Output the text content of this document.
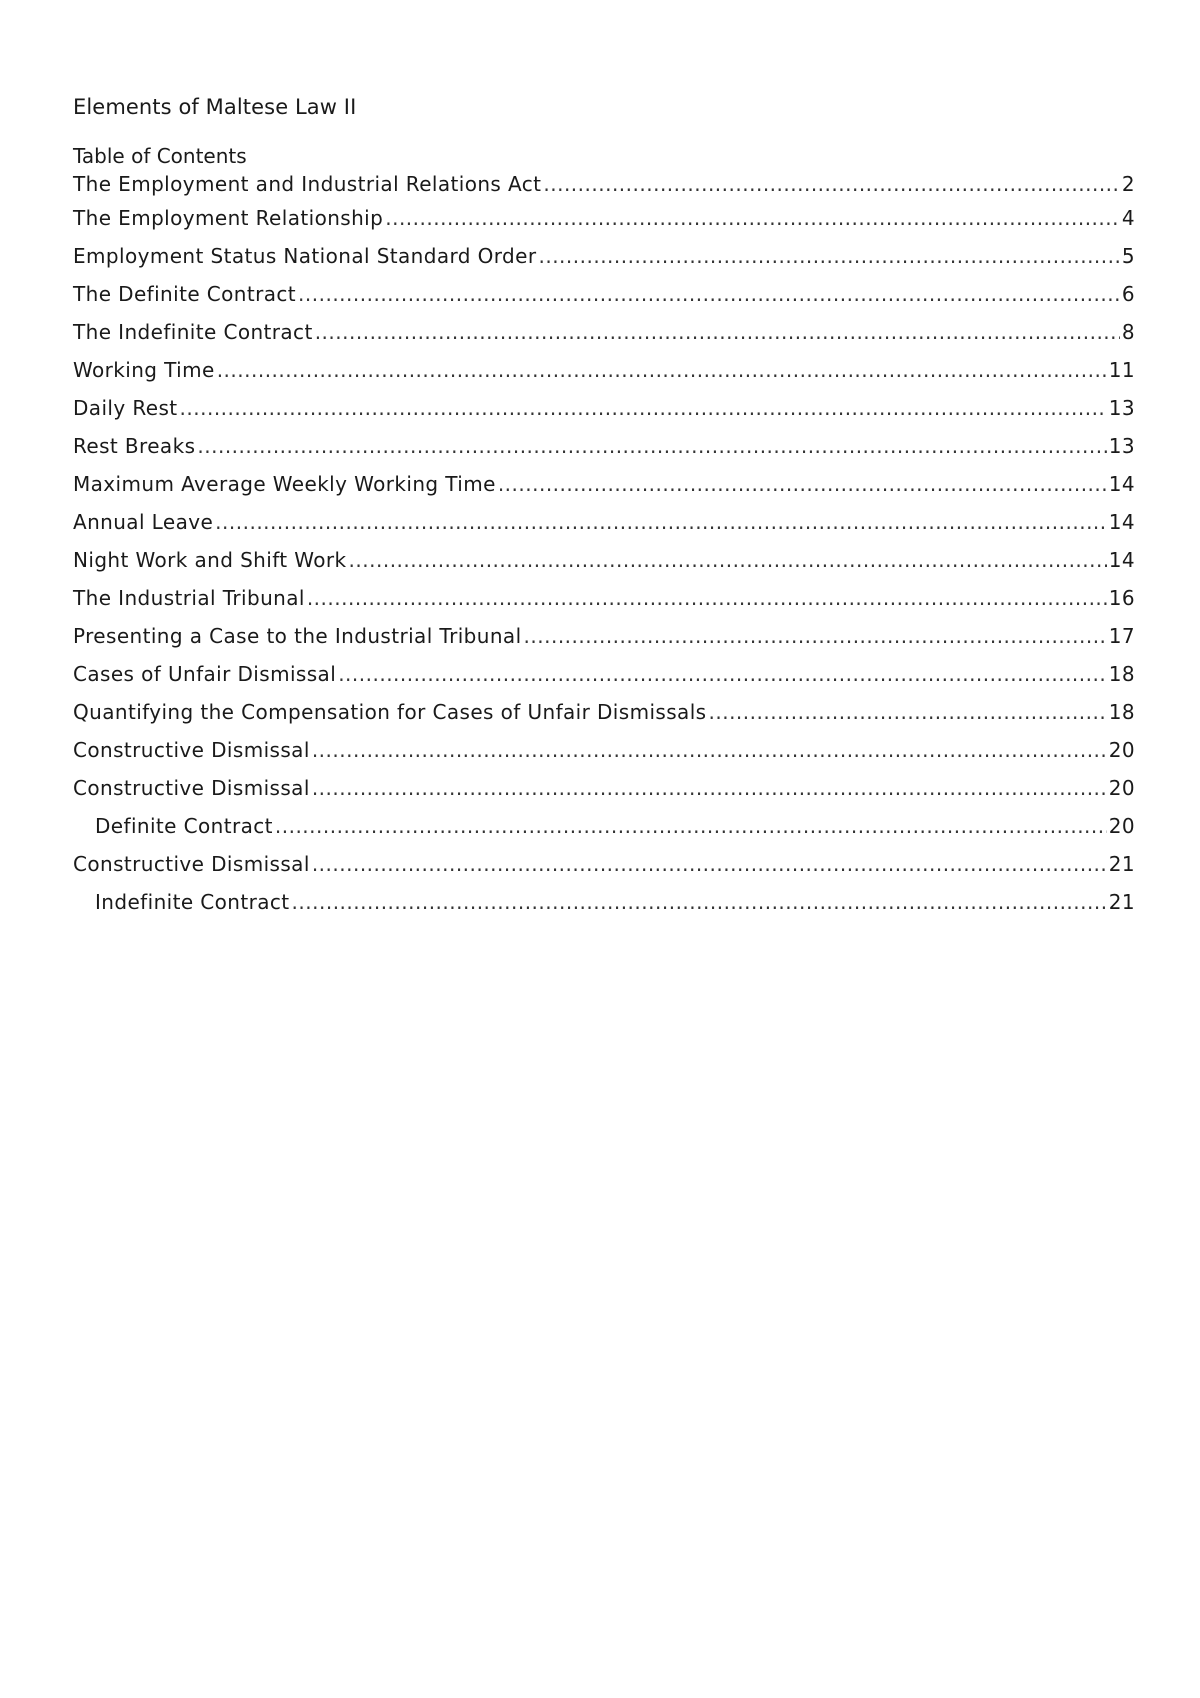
Elements of Maltese Law II
Table of Contents
The Employment and Industrial Relations Act .....	2
The Employment Relationship .....	4
Employment Status National Standard Order .....	5
The Definite Contract .....	6
The Indefinite Contract .....	8
Working Time .....	11
Daily Rest .....	13
Rest Breaks .....	13
Maximum Average Weekly Working Time .....	14
Annual Leave .....	14
Night Work and Shift Work .....	14
The Industrial Tribunal .....	16
Presenting a Case to the Industrial Tribunal .....	17
Cases of Unfair Dismissal .....	18
Quantifying the Compensation for Cases of Unfair Dismissals .....	18
Constructive Dismissal .....	20
Constructive Dismissal .....	20
Definite Contract .....	20
Constructive Dismissal .....	21
Indefinite Contract .....	21
